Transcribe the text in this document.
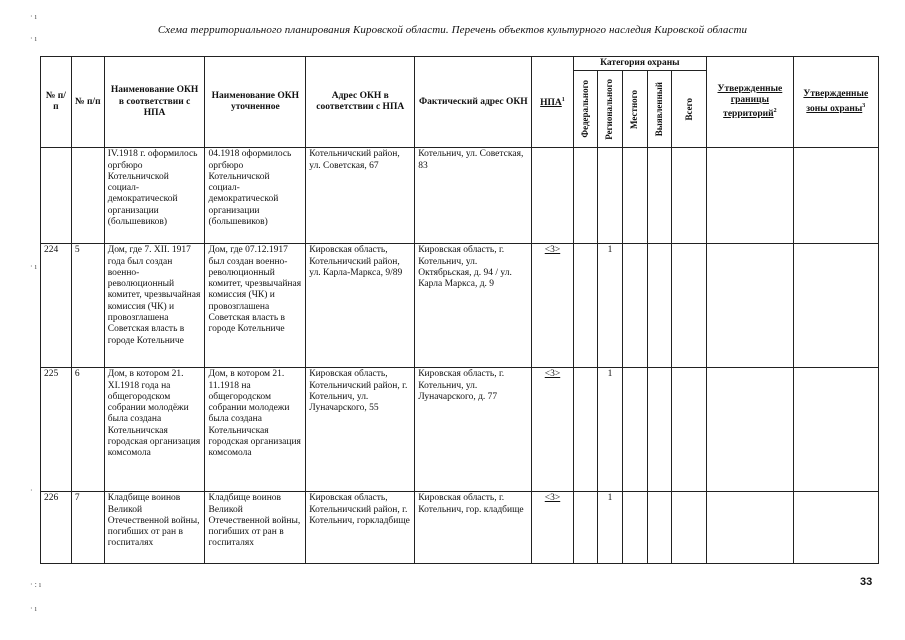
Схема территориального планирования Кировской области. Перечень объектов культурного наследия Кировской области
· ı
· ı
· ı
·
· : ı
· ı
№ п/п	№ п/п	Наименование ОКН в соответствии с НПА	Наименование ОКН уточненное	Адрес ОКН в соответствии с НПА	Фактический адрес ОКН	НПА$^1$	Категория охраны					Утвержденные границы территорий$^2$	Утвержденные зоны охраны$^3$

							Федерального	Регионального	Местного	Выявленный	Всего		

		IV.1918 г. оформилось оргбюро Котельничской социал-демократической организации (большевиков)	04.1918 оформилось оргбюро Котельничской социал-демократической организации (большевиков)	Котельничский район, ул. Советская, 67	Котельнич, ул. Советская, 83	

224	5	Дом, где 7. XII. 1917 года был создан военно-революционный комитет, чрезвычайная комиссия (ЧК) и провозглашена Советская власть в городе Котельниче	Дом, где 07.12.1917 был создан военно-революционный комитет, чрезвычайная комиссия (ЧК) и провозглашена Советская власть в городе Котельниче	Кировская область, Котельничский район, ул. Карла-Маркса, 9/89	Кировская область, г. Котельнич, ул. Октябрьская, д. 94 / ул. Карла Маркса, д. 9	<3>		1					

225	6	Дом, в котором 21. XI.1918 года на общегородском собрании молодёжи была создана Котельничская городская организация комсомола	Дом, в котором 21. 11.1918 на общегородском собрании молодежи была создана Котельничская городская организация комсомола	Кировская область, Котельничский район, г. Котельнич, ул. Луначарского, 55	Кировская область, г. Котельнич, ул. Луначарского, д. 77	<3>		1					

226	7	Кладбище воинов Великой Отечественной войны, погибших от ран в госпиталях	Кладбище воинов Великой Отечественной войны, погибших от ран в госпиталях	Кировская область, Котельничский район, г. Котельнич, горкладбище	Кировская область, г. Котельнич, гор. кладбище	<3>		1					

33
